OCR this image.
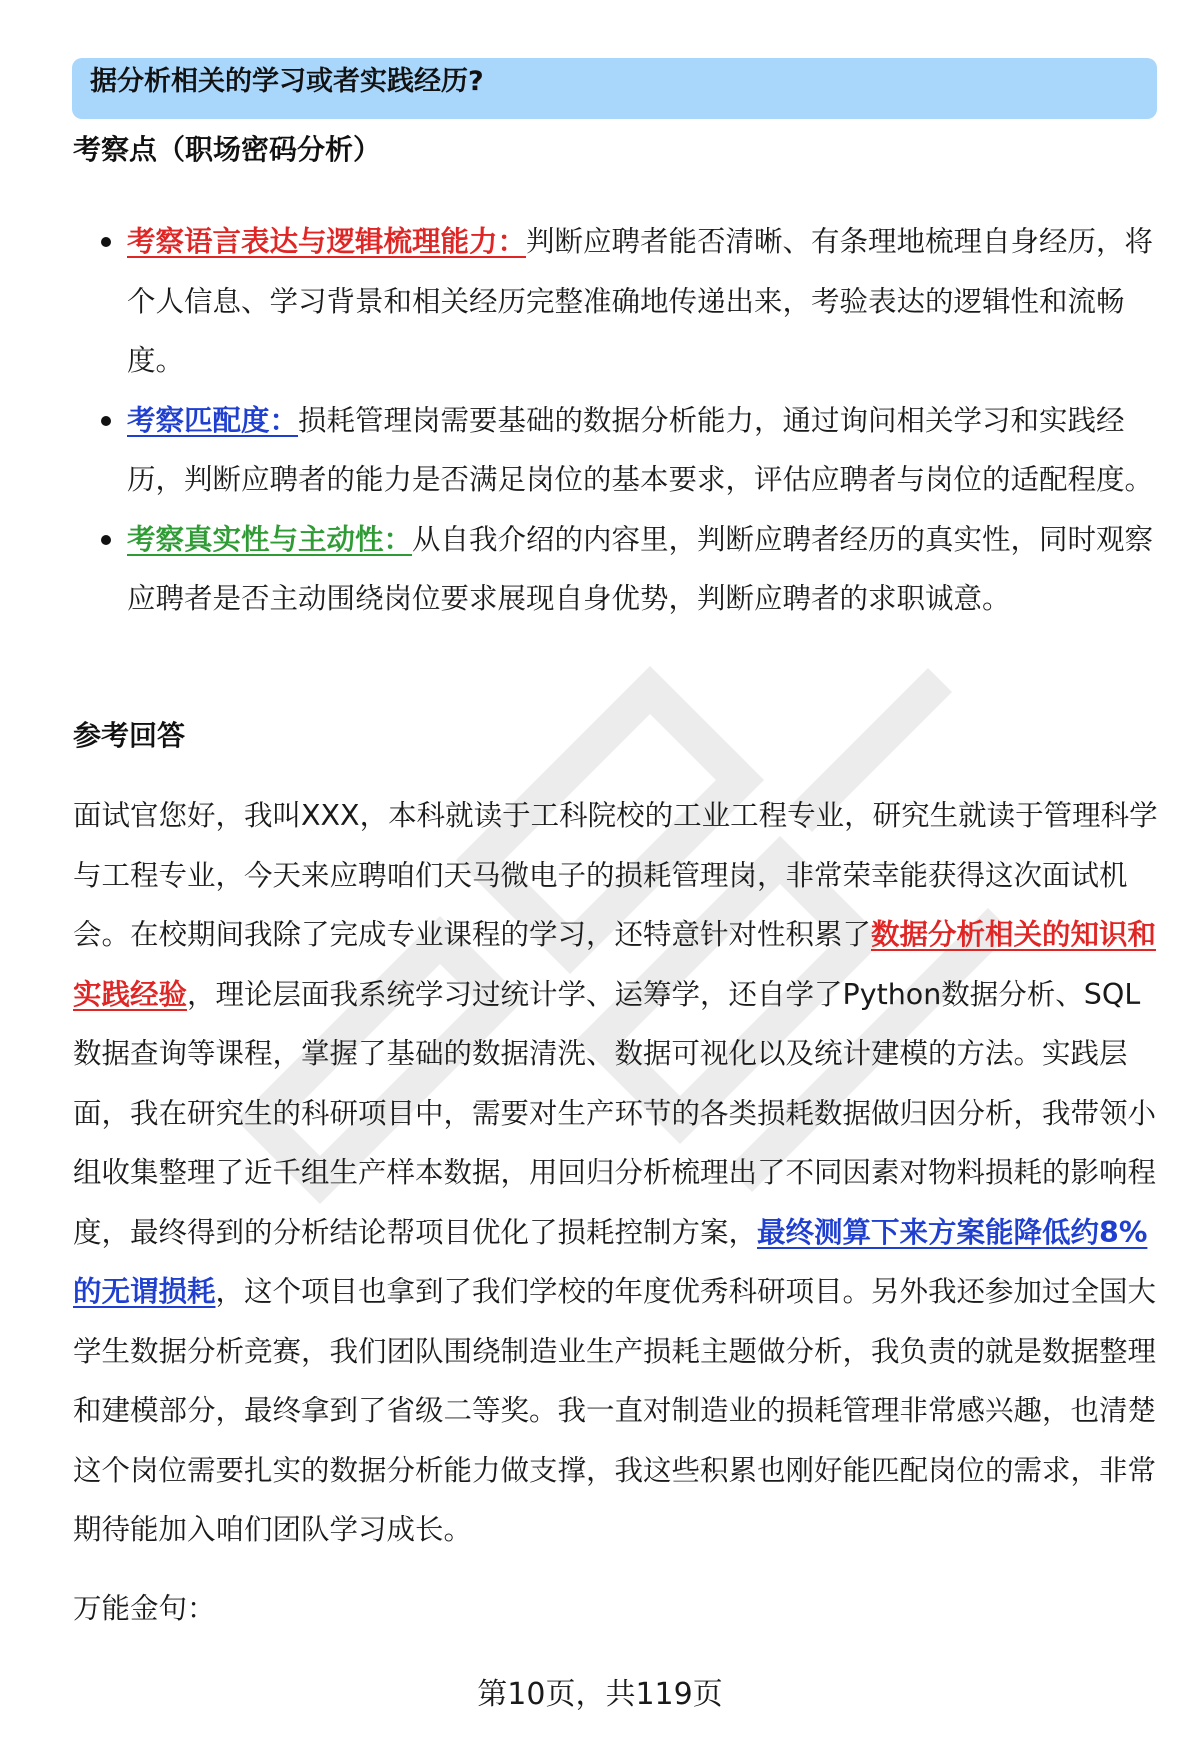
据分析相关的学习或者实践经历?
考察点（职场密码分析）
考察语言表达与逻辑梳理能力：判断应聘者能否清晰、有条理地梳理自身经历，将个人信息、学习背景和相关经历完整准确地传递出来，考验表达的逻辑性和流畅度。
考察匹配度：损耗管理岗需要基础的数据分析能力，通过询问相关学习和实践经历，判断应聘者的能力是否满足岗位的基本要求，评估应聘者与岗位的适配程度。
考察真实性与主动性：从自我介绍的内容里，判断应聘者经历的真实性，同时观察应聘者是否主动围绕岗位要求展现自身优势，判断应聘者的求职诚意。
参考回答

面试官您好，我叫XXX，本科就读于工科院校的工业工程专业，研究生就读于管理科学与工程专业，今天来应聘咱们天马微电子的损耗管理岗，非常荣幸能获得这次面试机会。在校期间我除了完成专业课程的学习，还特意针对性积累了数据分析相关的知识和实践经验，理论层面我系统学习过统计学、运筹学，还自学了Python数据分析、SQL数据查询等课程，掌握了基础的数据清洗、数据可视化以及统计建模的方法。实践层面，我在研究生的科研项目中，需要对生产环节的各类损耗数据做归因分析，我带领小组收集整理了近千组生产样本数据，用回归分析梳理出了不同因素对物料损耗的影响程度，最终得到的分析结论帮项目优化了损耗控制方案，最终测算下来方案能降低约8%的无谓损耗，这个项目也拿到了我们学校的年度优秀科研项目。另外我还参加过全国大学生数据分析竞赛，我们团队围绕制造业生产损耗主题做分析，我负责的就是数据整理和建模部分，最终拿到了省级二等奖。我一直对制造业的损耗管理非常感兴趣，也清楚这个岗位需要扎实的数据分析能力做支撑，我这些积累也刚好能匹配岗位的需求，非常期待能加入咱们团队学习成长。

万能金句：

第10页，共119页
